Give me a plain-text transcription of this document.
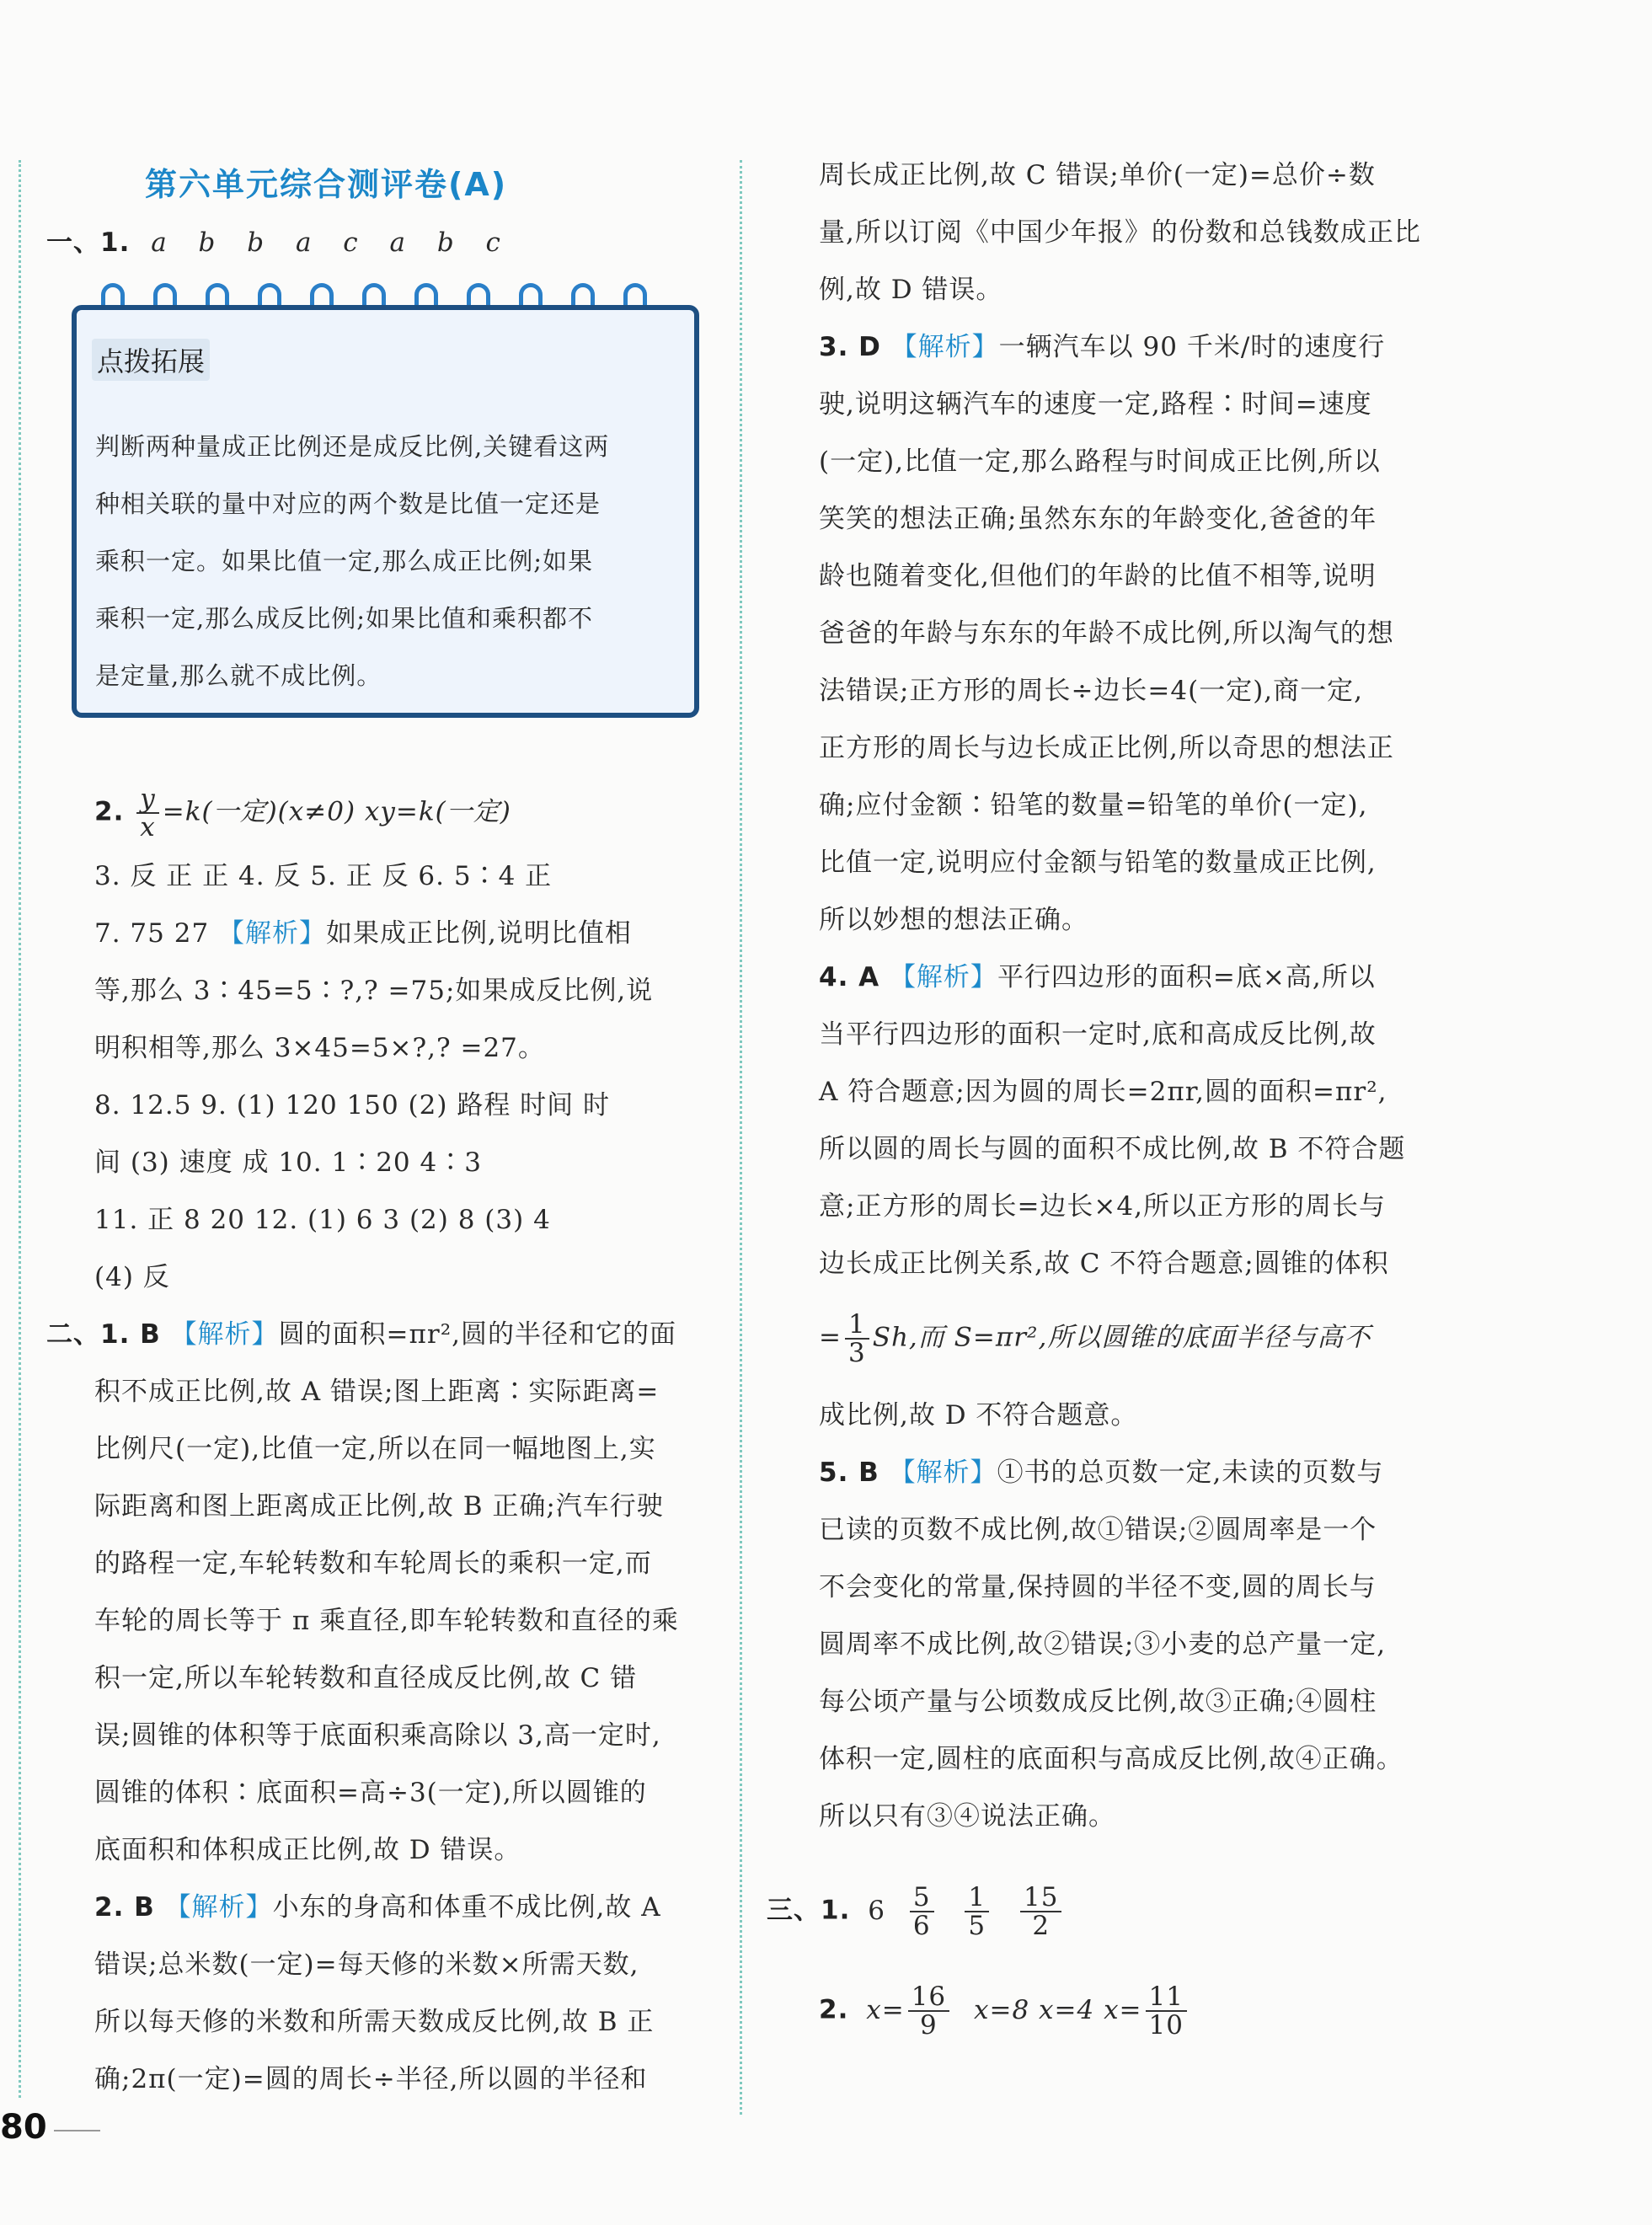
第六单元综合测评卷(A)
一、1. a b b a c a b c
点拨拓展
判断两种量成正比例还是成反比例,关键看这两
种相关联的量中对应的两个数是比值一定还是
乘积一定。如果比值一定,那么成正比例;如果
乘积一定,那么成反比例;如果比值和乘积都不
是定量,那么就不成比例。
2. $\frac{y}{x} =k$(一定)(x≠0) xy=k(一定)
3. 反 正 正 4. 反 5. 正 反 6. 5∶4 正
7. 75 27 【解析】如果成正比例,说明比值相
等,那么 3∶45=5∶?,? =75;如果成反比例,说
明积相等,那么 3×45=5×?,? =27。
8. 12.5 9. (1) 120 150 (2) 路程 时间 时
间 (3) 速度 成 10. 1∶20 4∶3
11. 正 8 20 12. (1) 6 3 (2) 8 (3) 4
(4) 反
二、1. B 【解析】圆的面积=πr²,圆的半径和它的面
积不成正比例,故 A 错误;图上距离∶实际距离=
比例尺(一定),比值一定,所以在同一幅地图上,实
际距离和图上距离成正比例,故 B 正确;汽车行驶
的路程一定,车轮转数和车轮周长的乘积一定,而
车轮的周长等于 π 乘直径,即车轮转数和直径的乘
积一定,所以车轮转数和直径成反比例,故 C 错
误;圆锥的体积等于底面积乘高除以 3,高一定时,
圆锥的体积∶底面积=高÷3(一定),所以圆锥的
底面积和体积成正比例,故 D 错误。
2. B 【解析】小东的身高和体重不成比例,故 A
错误;总米数(一定)=每天修的米数×所需天数,
所以每天修的米数和所需天数成反比例,故 B 正
确;2π(一定)=圆的周长÷半径,所以圆的半径和
周长成正比例,故 C 错误;单价(一定)=总价÷数
量,所以订阅《中国少年报》的份数和总钱数成正比
例,故 D 错误。
3. D 【解析】一辆汽车以 90 千米/时的速度行
驶,说明这辆汽车的速度一定,路程∶时间=速度
(一定),比值一定,那么路程与时间成正比例,所以
笑笑的想法正确;虽然东东的年龄变化,爸爸的年
龄也随着变化,但他们的年龄的比值不相等,说明
爸爸的年龄与东东的年龄不成比例,所以淘气的想
法错误;正方形的周长÷边长=4(一定),商一定,
正方形的周长与边长成正比例,所以奇思的想法正
确;应付金额∶铅笔的数量=铅笔的单价(一定),
比值一定,说明应付金额与铅笔的数量成正比例,
所以妙想的想法正确。
4. A 【解析】平行四边形的面积=底×高,所以
当平行四边形的面积一定时,底和高成反比例,故
A 符合题意;因为圆的周长=2πr,圆的面积=πr²,
所以圆的周长与圆的面积不成比例,故 B 不符合题
意;正方形的周长=边长×4,所以正方形的周长与
边长成正比例关系,故 C 不符合题意;圆锥的体积
= $\frac{1}{3} Sh$,而 S=πr²,所以圆锥的底面半径与高不
成比例,故 D 不符合题意。
5. B 【解析】①书的总页数一定,未读的页数与
已读的页数不成比例,故①错误;②圆周率是一个
不会变化的常量,保持圆的半径不变,圆的周长与
圆周率不成比例,故②错误;③小麦的总产量一定,
每公顷产量与公顷数成反比例,故③正确;④圆柱
体积一定,圆柱的底面积与高成反比例,故④正确。
所以只有③④说法正确。
三、1. $6 \frac{5}{6}$
$\frac{1}{5}$
$\frac{15}{2}$
2. $x= \frac{16}{9} x=8$ x=4 $x= \frac{11}{10}$
80
